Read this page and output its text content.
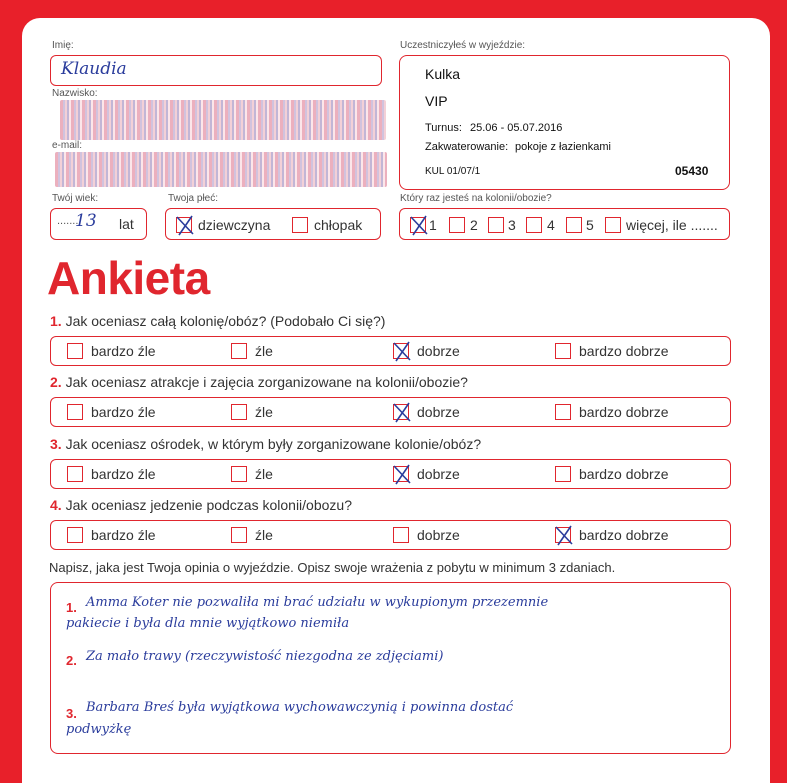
Imię:
Klaudia
Nazwisko:
e-mail:
Twój wiek:
........
13 lat
Twoja płeć:
dziewczyna	chłopak
Uczestniczyłeś w wyjeździe:
Kulka
VIP
Turnus: 25.06 - 05.07.2016
Zakwaterowanie: pokoje z łazienkami
KUL 01/07/1	05430
Który raz jesteś na kolonii/obozie?
1 2 3 4 5 więcej, ile .......
Ankieta
1. Jak oceniasz całą kolonię/obóz? (Podobało Ci się?)
bardzo źle	źle	dobrze	bardzo dobrze
2. Jak oceniasz atrakcje i zajęcia zorganizowane na kolonii/obozie?
bardzo źle	źle	dobrze	bardzo dobrze
3. Jak oceniasz ośrodek, w którym były zorganizowane kolonie/obóz?
bardzo źle	źle	dobrze	bardzo dobrze
4. Jak oceniasz jedzenie podczas kolonii/obozu?
bardzo źle	źle	dobrze	bardzo dobrze
Napisz, jaka jest Twoja opinia o wyjeździe. Opisz swoje wrażenia z pobytu w minimum 3 zdaniach.
1. Amma Koter nie pozwaliła mi brać udziału w wykupionym przezemnie
pakiecie i była dla mnie wyjątkowo niemiła
2. Za mało trawy (rzeczywistość niezgodna ze zdjęciami)
3. Barbara Breś była wyjątkowa wychowawczynią i powinna dostać
podwyżkę
